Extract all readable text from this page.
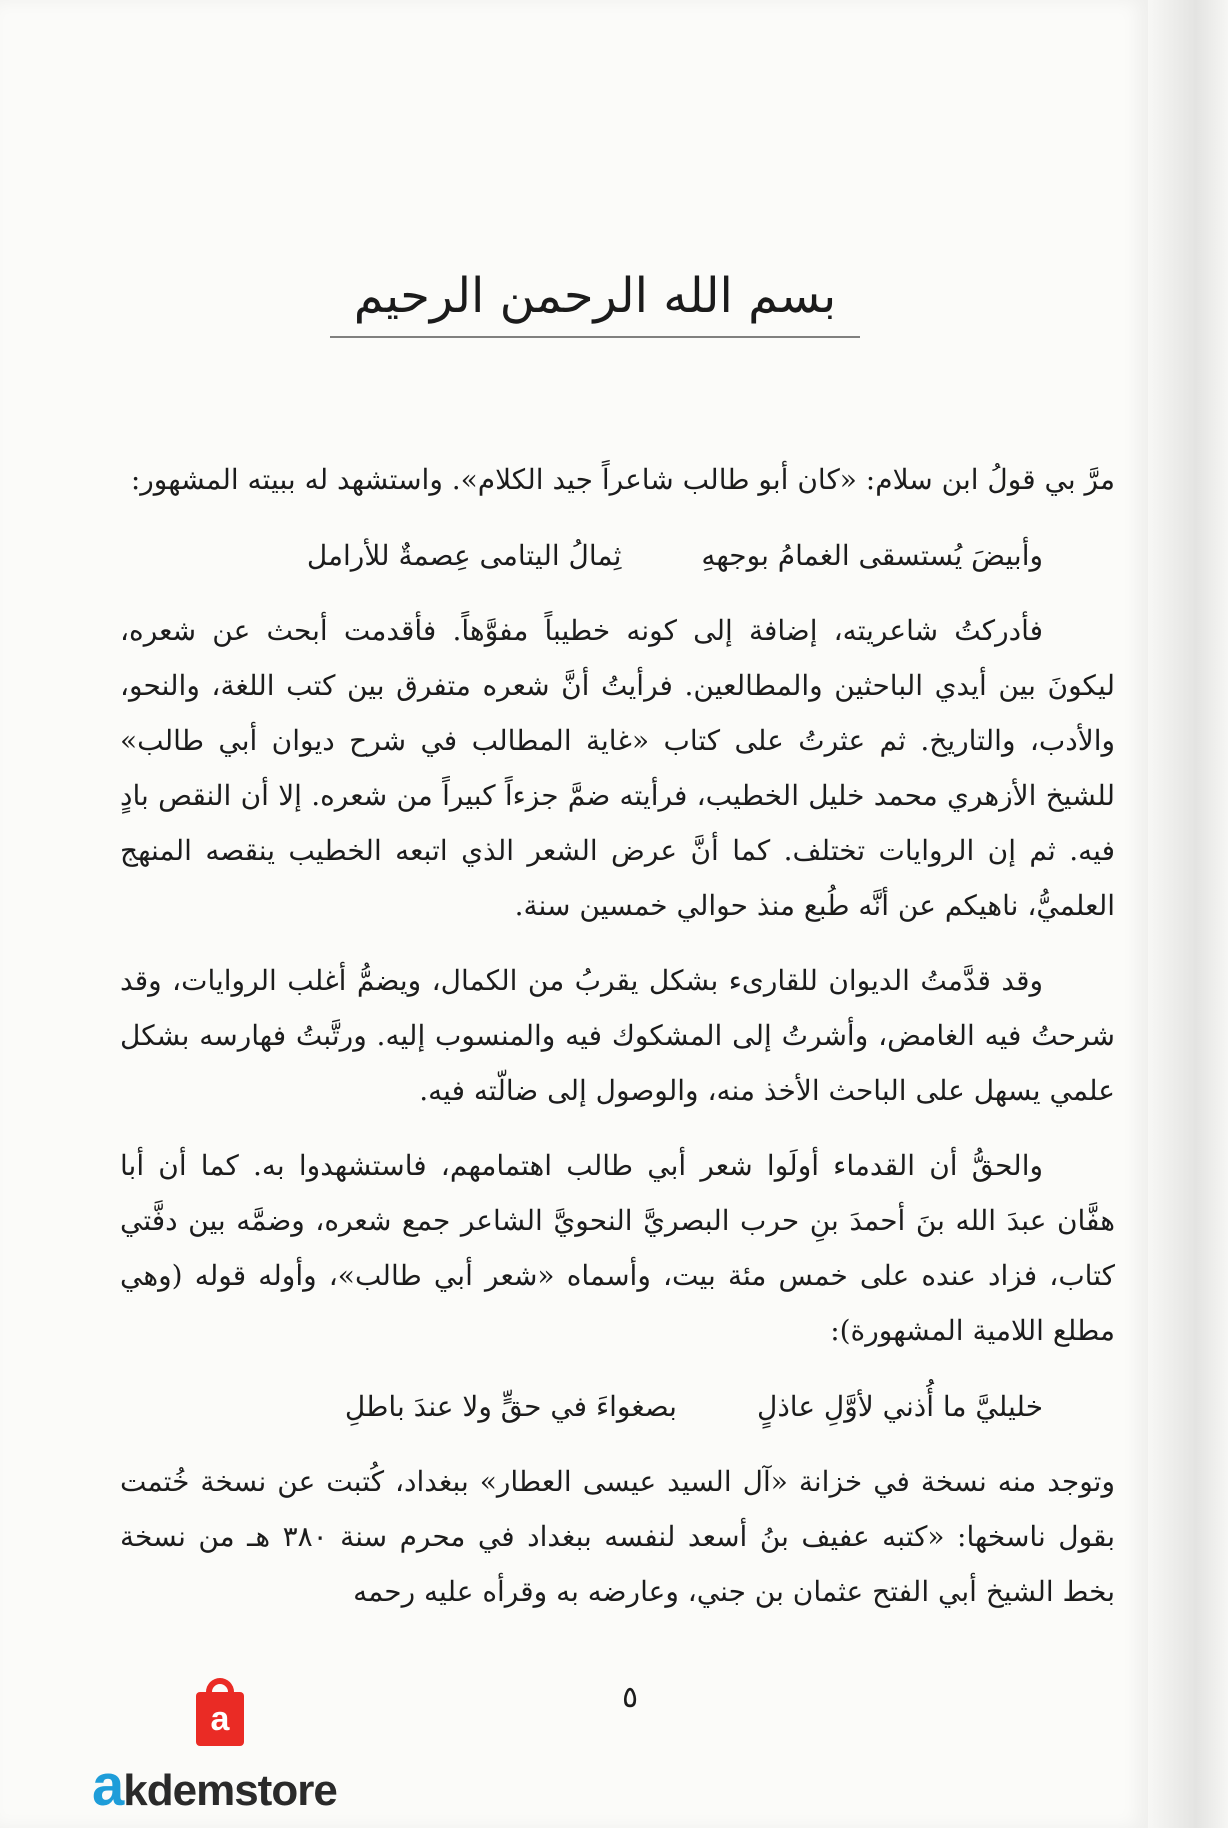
بسم الله الرحمن الرحيم

مرَّ بي قولُ ابن سلام: «كان أبو طالب شاعراً جيد الكلام». واستشهد له ببيته المشهور:

وأبيضَ يُستسقى الغمامُ بوجههِ
ثِمالُ اليتامى عِصمةٌ للأرامل

فأدركتُ شاعريته، إضافة إلى كونه خطيباً مفوَّهاً. فأقدمت أبحث عن شعره، ليكونَ بين أيدي الباحثين والمطالعين. فرأيتُ أنَّ شعره متفرق بين كتب اللغة، والنحو، والأدب، والتاريخ. ثم عثرتُ على كتاب «غاية المطالب في شرح ديوان أبي طالب» للشيخ الأزهري محمد خليل الخطيب، فرأيته ضمَّ جزءاً كبيراً من شعره. إلا أن النقص بادٍ فيه. ثم إن الروايات تختلف. كما أنَّ عرض الشعر الذي اتبعه الخطيب ينقصه المنهج العلميُّ، ناهيكم عن أنَّه طُبع منذ حوالي خمسين سنة.

وقد قدَّمتُ الديوان للقارىء بشكل يقربُ من الكمال، ويضمُّ أغلب الروايات، وقد شرحتُ فيه الغامض، وأشرتُ إلى المشكوك فيه والمنسوب إليه. ورتَّبتُ فهارسه بشكل علمي يسهل على الباحث الأخذ منه، والوصول إلى ضالّته فيه.

والحقُّ أن القدماء أولَوا شعر أبي طالب اهتمامهم، فاستشهدوا به. كما أن أبا هفَّان عبدَ الله بنَ أحمدَ بنِ حرب البصريَّ النحويَّ الشاعر جمع شعره، وضمَّه بين دفَّتي كتاب، فزاد عنده على خمس مئة بيت، وأسماه «شعر أبي طالب»، وأوله قوله (وهي مطلع اللامية المشهورة):

خليليَّ ما أُذني لأوَّلِ عاذلٍ
بصغواءَ في حقٍّ ولا عندَ باطلِ

وتوجد منه نسخة في خزانة «آل السيد عيسى العطار» ببغداد، كُتبت عن نسخة خُتمت بقول ناسخها: «كتبه عفيف بنُ أسعد لنفسه ببغداد في محرم سنة ٣٨٠ هـ من نسخة بخط الشيخ أبي الفتح عثمان بن جني، وعارضه به وقرأه عليه رحمه

٥
a
akdemstore
